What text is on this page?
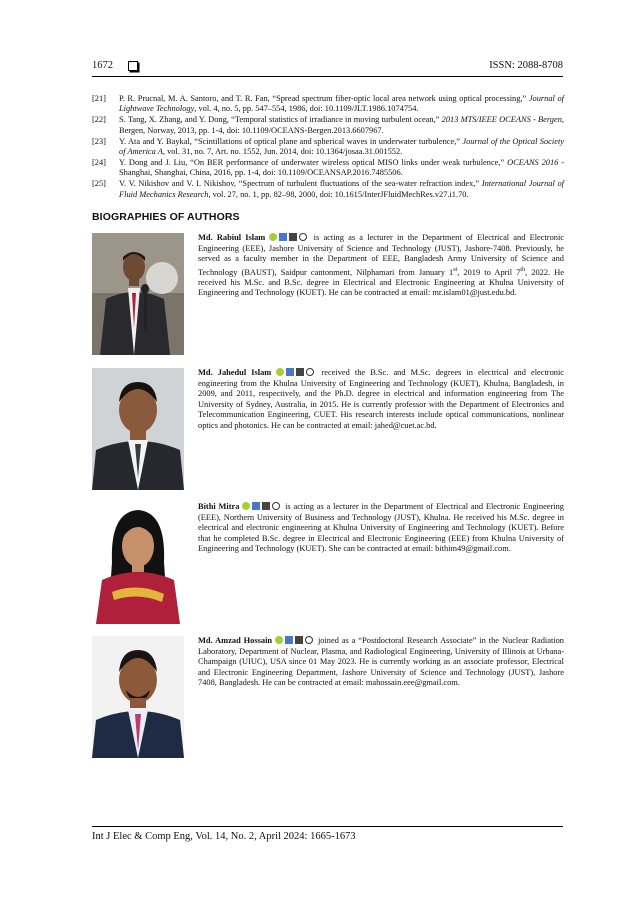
1672	ISSN: 2088-8708
[21] P. R. Prucnal, M. A. Santoro, and T. R. Fan, “Spread spectrum fiber-optic local area network using optical processing,” Journal of Lightwave Technology, vol. 4, no. 5, pp. 547–554, 1986, doi: 10.1109/JLT.1986.1074754.
[22] S. Tang, X. Zhang, and Y. Dong, “Temporal statistics of irradiance in moving turbulent ocean,” 2013 MTS/IEEE OCEANS - Bergen, Bergen, Norway, 2013, pp. 1-4, doi: 10.1109/OCEANS-Bergen.2013.6607967.
[23] Y. Ata and Y. Baykal, “Scintillations of optical plane and spherical waves in underwater turbulence,” Journal of the Optical Society of America A, vol. 31, no. 7, Art. no. 1552, Jun. 2014, doi: 10.1364/josaa.31.001552.
[24] Y. Dong and J. Liu, “On BER performance of underwater wireless optical MISO links under weak turbulence,” OCEANS 2016 - Shanghai, Shanghai, China, 2016, pp. 1-4, doi: 10.1109/OCEANSAP.2016.7485506.
[25] V. V. Nikishov and V. I. Nikishov, “Spectrum of turbulent fluctuations of the sea-water refraction index,” International Journal of Fluid Mechanics Research, vol. 27, no. 1, pp. 82–98, 2000, doi: 10.1615/InterJFluidMechRes.v27.i1.70.
BIOGRAPHIES OF AUTHORS
Md. Rabiul Islam	is acting as a lecturer in the Department of Electrical and Electronic Engineering (EEE), Jashore University of Science and Technology (JUST), Jashore-7408. Previously, he served as a faculty member in the Department of EEE, Bangladesh Army University of Science and Technology (BAUST), Saidpur cantonment, Nilphamari from January 1st, 2019 to April 7th, 2022. He received his M.Sc. and B.Sc. degree in Electrical and Electronic Engineering at Khulna University of Engineering and Technology (KUET). He can be contracted at email: mr.islam01@just.edu.bd.
Md. Jahedul Islam	received the B.Sc. and M.Sc. degrees in electrical and electronic engineering from the Khulna University of Engineering and Technology (KUET), Khulna, Bangladesh, in 2009, and 2011, respectively, and the Ph.D. degree in electrical and information engineering from The University of Sydney, Australia, in 2015. He is currently professor with the Department of Electronics and Telecommunication Engineering, CUET. His research interests include optical communications, nonlinear optics and photonics. He can be contracted at email: jahed@cuet.ac.bd.
Bithi Mitra	is acting as a lecturer in the Department of Electrical and Electronic Engineering (EEE), Northern University of Business and Technology (JUST), Khulna. He received his M.Sc. degree in electrical and electronic engineering at Khulna University of Engineering and Technology (KUET). Before that he completed B.Sc. degree in Electrical and Electronic Engineering (EEE) from Khulna University of Engineering and Technology (KUET). She can be contracted at email: bithim49@gmail.com.
Md. Amzad Hossain	joined as a “Postdoctoral Research Associate” in the Nuclear Radiation Laboratory, Department of Nuclear, Plasma, and Radiological Engineering, University of Illinois at Urbana-Champaign (UIUC), USA since 01 May 2023. He is currently working as an associate professor, Electrical and Electronic Engineering Department, Jashore University of Science and Technology (JUST), Jashore 7408, Bangladesh. He can be contracted at email: mahossain.eee@gmail.com.
Int J Elec & Comp Eng, Vol. 14, No. 2, April 2024: 1665-1673
